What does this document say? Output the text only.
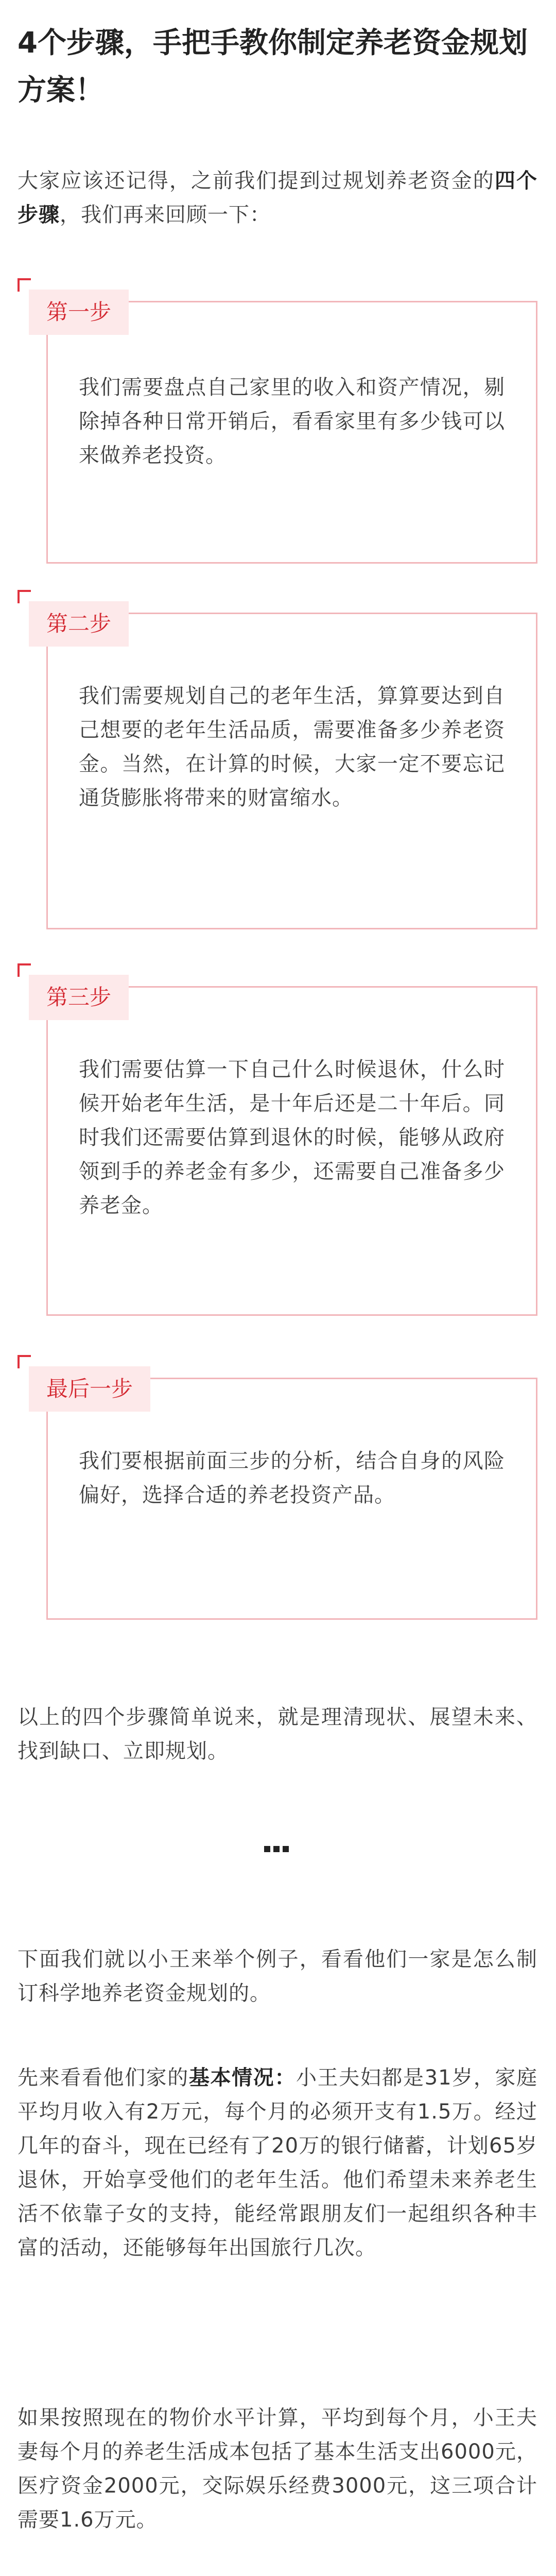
4个步骤，手把手教你制定养老资金规划方案！

大家应该还记得，之前我们提到过规划养老资金的四个步骤，我们再来回顾一下：

我们需要盘点自己家里的收入和资产情况，剔除掉各种日常开销后，看看家里有多少钱可以来做养老投资。

第一步

我们需要规划自己的老年生活，算算要达到自己想要的老年生活品质，需要准备多少养老资金。当然，在计算的时候，大家一定不要忘记通货膨胀将带来的财富缩水。

第二步

我们需要估算一下自己什么时候退休，什么时候开始老年生活，是十年后还是二十年后。同时我们还需要估算到退休的时候，能够从政府领到手的养老金有多少，还需要自己准备多少养老金。

第三步

我们要根据前面三步的分析，结合自身的风险偏好，选择合适的养老投资产品。

最后一步

以上的四个步骤简单说来，就是理清现状、展望未来、找到缺口、立即规划。

下面我们就以小王来举个例子，看看他们一家是怎么制订科学地养老资金规划的。

先来看看他们家的基本情况：小王夫妇都是31岁，家庭平均月收入有2万元，每个月的必须开支有1.5万。经过几年的奋斗，现在已经有了20万的银行储蓄，计划65岁退休，开始享受他们的老年生活。他们希望未来养老生活不依靠子女的支持，能经常跟朋友们一起组织各种丰富的活动，还能够每年出国旅行几次。

如果按照现在的物价水平计算，平均到每个月，小王夫妻每个月的养老生活成本包括了基本生活支出6000元，医疗资金2000元，交际娱乐经费3000元，这三项合计需要1.6万元。
